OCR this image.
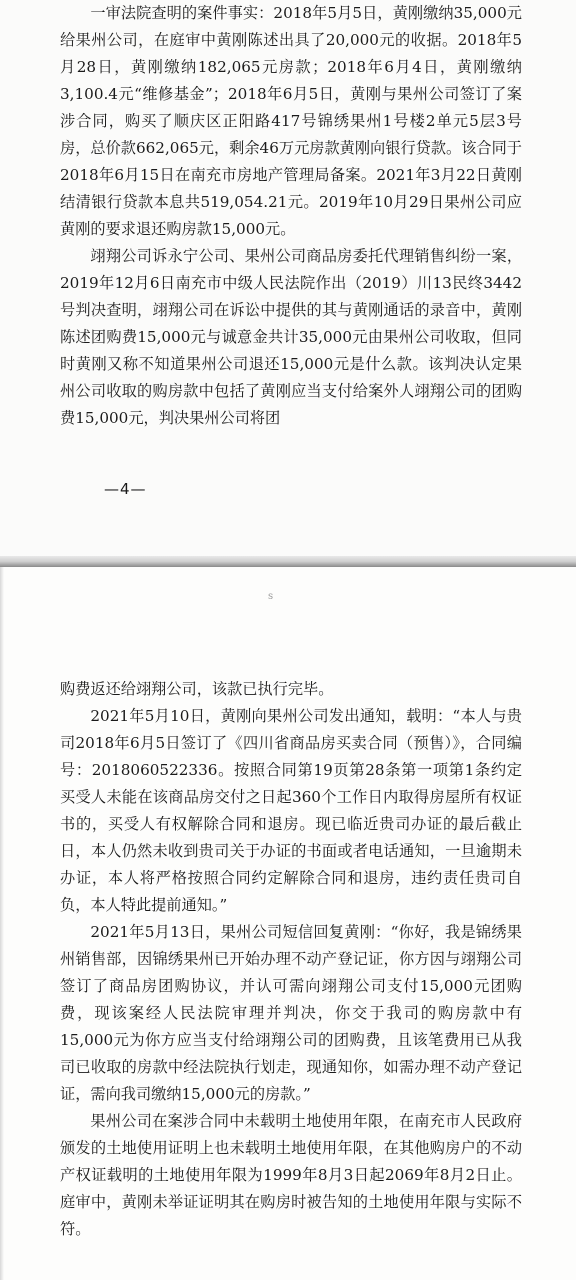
一审法院查明的案件事实：2018年5月5日，黄刚缴纳35,000元给果州公司，在庭审中黄刚陈述出具了20,000元的收据。2018年5月28日，黄刚缴纳182,065元房款；2018年6月4日，黄刚缴纳3,100.4元“维修基金”；2018年6月5日，黄刚与果州公司签订了案涉合同，购买了顺庆区正阳路417号锦绣果州1号楼2单元5层3号房，总价款662,065元，剩余46万元房款黄刚向银行贷款。该合同于2018年6月15日在南充市房地产管理局备案。2021年3月22日黄刚结清银行贷款本息共519,054.21元。2019年10月29日果州公司应黄刚的要求退还购房款15,000元。

翊翔公司诉永宁公司、果州公司商品房委托代理销售纠纷一案，2019年12月6日南充市中级人民法院作出（2019）川13民终3442号判决查明，翊翔公司在诉讼中提供的其与黄刚通话的录音中，黄刚陈述团购费15,000元与诚意金共计35,000元由果州公司收取，但同时黄刚又称不知道果州公司退还15,000元是什么款。该判决认定果州公司收取的购房款中包括了黄刚应当支付给案外人翊翔公司的团购费15,000元，判决果州公司将团

—4—
s

购费返还给翊翔公司，该款已执行完毕。

2021年5月10日，黄刚向果州公司发出通知，载明：“本人与贵司2018年6月5日签订了《四川省商品房买卖合同（预售）》，合同编号：2018060522336。按照合同第19页第28条第一项第1条约定买受人未能在该商品房交付之日起360个工作日内取得房屋所有权证书的，买受人有权解除合同和退房。现已临近贵司办证的最后截止日，本人仍然未收到贵司关于办证的书面或者电话通知，一旦逾期未办证，本人将严格按照合同约定解除合同和退房，违约责任贵司自负，本人特此提前通知。”

2021年5月13日，果州公司短信回复黄刚：“你好，我是锦绣果州销售部，因锦绣果州已开始办理不动产登记证，你方因与翊翔公司签订了商品房团购协议，并认可需向翊翔公司支付15,000元团购费，现该案经人民法院审理并判决，你交于我司的购房款中有15,000元为你方应当支付给翊翔公司的团购费，且该笔费用已从我司已收取的房款中经法院执行划走，现通知你，如需办理不动产登记证，需向我司缴纳15,000元的房款。”

果州公司在案涉合同中未载明土地使用年限，在南充市人民政府颁发的土地使用证明上也未载明土地使用年限，在其他购房户的不动产权证载明的土地使用年限为1999年8月3日起2069年8月2日止。庭审中，黄刚未举证证明其在购房时被告知的土地使用年限与实际不符。
